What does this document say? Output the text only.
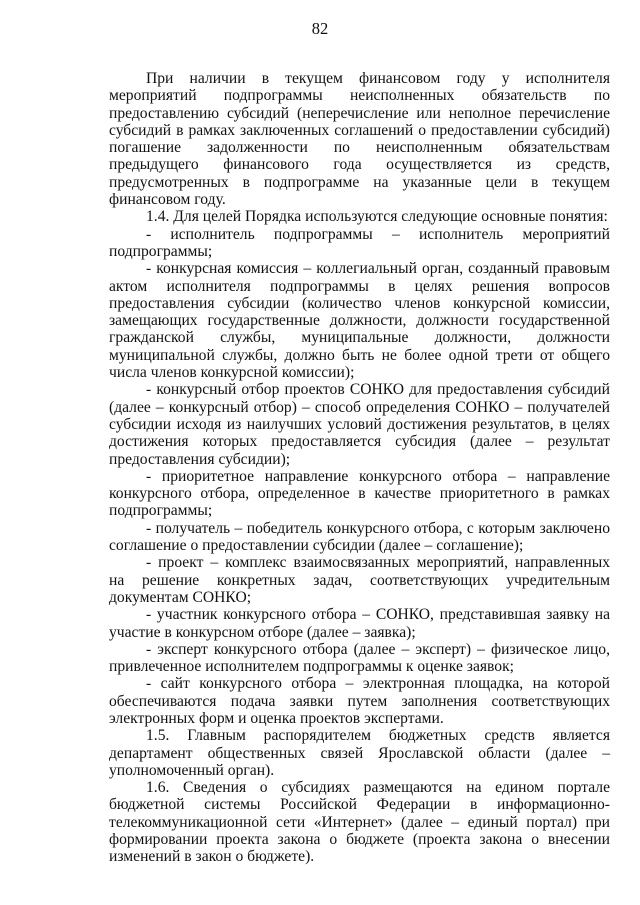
82

При наличии в текущем финансовом году у исполнителя мероприятий подпрограммы неисполненных обязательств по предоставлению субсидий (неперечисление или неполное перечисление субсидий в рамках заключенных соглашений о предоставлении субсидий) погашение задолженности по неисполненным обязательствам предыдущего финансового года осуществляется из средств, предусмотренных в подпрограмме на указанные цели в текущем финансовом году.

1.4. Для целей Порядка используются следующие основные понятия:

- исполнитель подпрограммы – исполнитель мероприятий подпрограммы;

- конкурсная комиссия – коллегиальный орган, созданный правовым актом исполнителя подпрограммы в целях решения вопросов предоставления субсидии (количество членов конкурсной комиссии, замещающих государственные должности, должности государственной гражданской службы, муниципальные должности, должности муниципальной службы, должно быть не более одной трети от общего числа членов конкурсной комиссии);

- конкурсный отбор проектов СОНКО для предоставления субсидий (далее – конкурсный отбор) – способ определения СОНКО – получателей субсидии исходя из наилучших условий достижения результатов, в целях достижения которых предоставляется субсидия (далее – результат предоставления субсидии);

- приоритетное направление конкурсного отбора – направление конкурсного отбора, определенное в качестве приоритетного в рамках подпрограммы;

- получатель – победитель конкурсного отбора, с которым заключено соглашение о предоставлении субсидии (далее – соглашение);

- проект – комплекс взаимосвязанных мероприятий, направленных на решение конкретных задач, соответствующих учредительным документам СОНКО;

- участник конкурсного отбора – СОНКО, представившая заявку на участие в конкурсном отборе (далее – заявка);

- эксперт конкурсного отбора (далее – эксперт) – физическое лицо, привлеченное исполнителем подпрограммы к оценке заявок;

- сайт конкурсного отбора – электронная площадка, на которой обеспечиваются подача заявки путем заполнения соответствующих электронных форм и оценка проектов экспертами.

1.5. Главным распорядителем бюджетных средств является департамент общественных связей Ярославской области (далее – уполномоченный орган).

1.6. Сведения о субсидиях размещаются на едином портале бюджетной системы Российской Федерации в информационно-телекоммуникационной сети «Интернет» (далее – единый портал) при формировании проекта закона о бюджете (проекта закона о внесении изменений в закон о бюджете).
